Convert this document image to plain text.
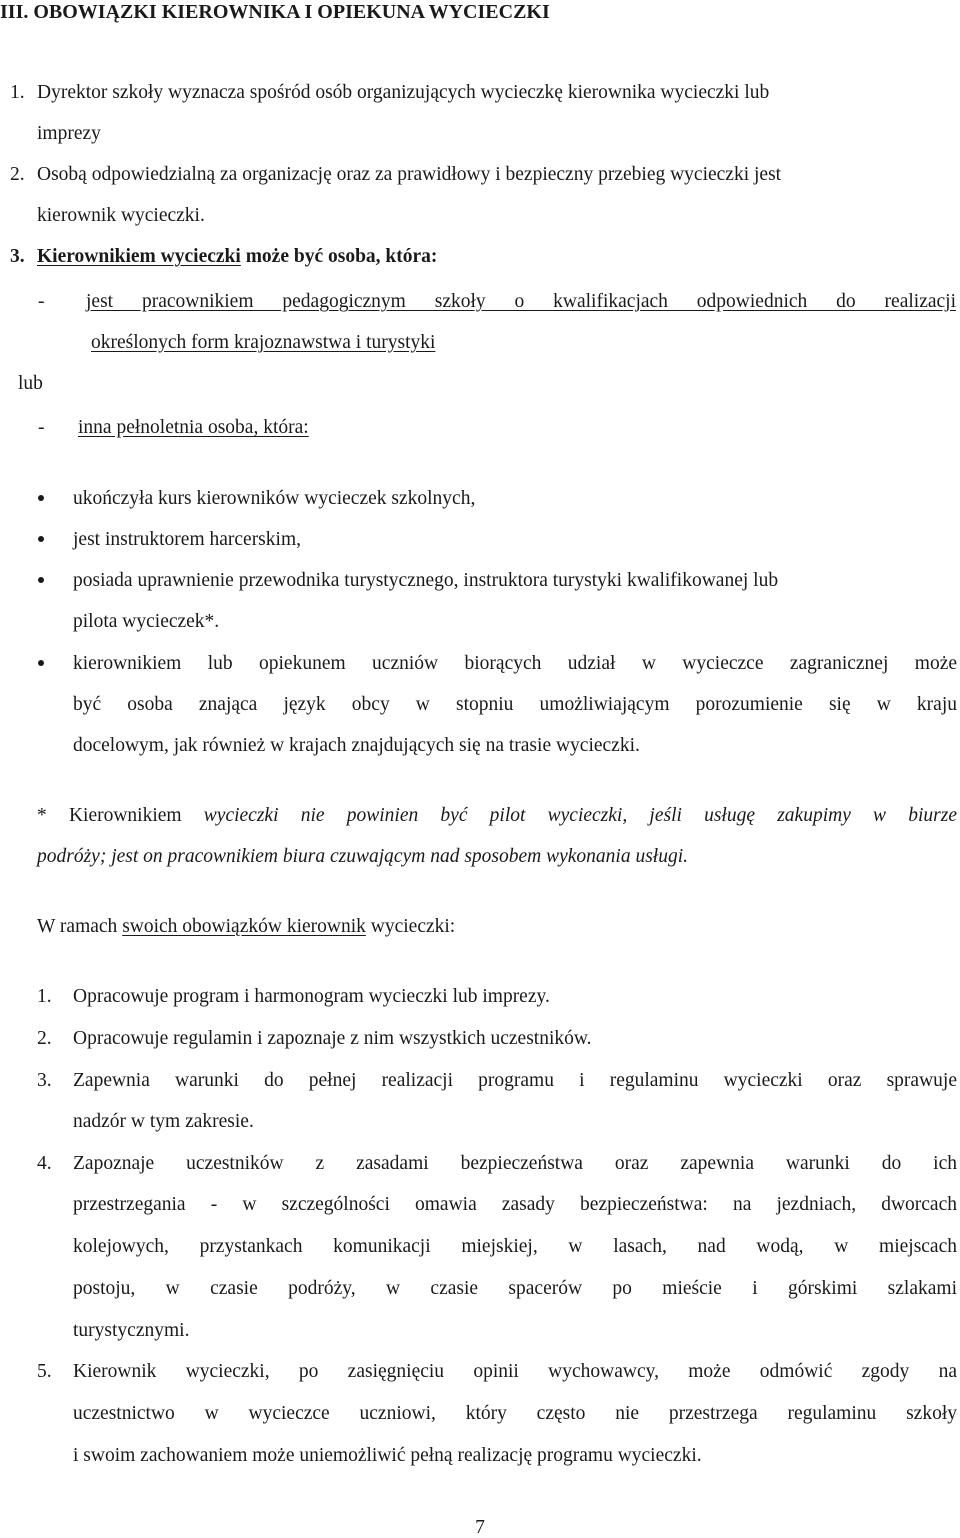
III. OBOWIĄZKI KIEROWNIKA I OPIEKUNA WYCIECZKI
1. Dyrektor szkoły wyznacza spośród osób organizujących wycieczkę kierownika wycieczki lub
imprezy
2. Osobą odpowiedzialną za organizację oraz za prawidłowy i bezpieczny przebieg wycieczki jest
kierownik wycieczki.
3. Kierownikiem wycieczki może być osoba, która:
- jest pracownikiem pedagogicznym szkoły o kwalifikacjach odpowiednich do realizacji
określonych form krajoznawstwa i turystyki
lub
- inna pełnoletnia osoba, która:
ukończyła kurs kierowników wycieczek szkolnych,
jest instruktorem harcerskim,
posiada uprawnienie przewodnika turystycznego, instruktora turystyki kwalifikowanej lub
pilota wycieczek*.
kierownikiem lub opiekunem uczniów biorących udział w wycieczce zagranicznej może
być osoba znająca język obcy w stopniu umożliwiającym porozumienie się w kraju
docelowym, jak również w krajach znajdujących się na trasie wycieczki.
* Kierownikiem wycieczki nie powinien być pilot wycieczki, jeśli usługę zakupimy w biurze
podróży; jest on pracownikiem biura czuwającym nad sposobem wykonania usługi.
W ramach swoich obowiązków kierownik wycieczki:
1. Opracowuje program i harmonogram wycieczki lub imprezy.
2. Opracowuje regulamin i zapoznaje z nim wszystkich uczestników.
3. Zapewnia warunki do pełnej realizacji programu i regulaminu wycieczki oraz sprawuje
nadzór w tym zakresie.
4. Zapoznaje uczestników z zasadami bezpieczeństwa oraz zapewnia warunki do ich
przestrzegania - w szczególności omawia zasady bezpieczeństwa: na jezdniach, dworcach
kolejowych, przystankach komunikacji miejskiej, w lasach, nad wodą, w miejscach
postoju, w czasie podróży, w czasie spacerów po mieście i górskimi szlakami
turystycznymi.
5. Kierownik wycieczki, po zasięgnięciu opinii wychowawcy, może odmówić zgody na
uczestnictwo w wycieczce uczniowi, który często nie przestrzega regulaminu szkoły
i swoim zachowaniem może uniemożliwić pełną realizację programu wycieczki.
7
